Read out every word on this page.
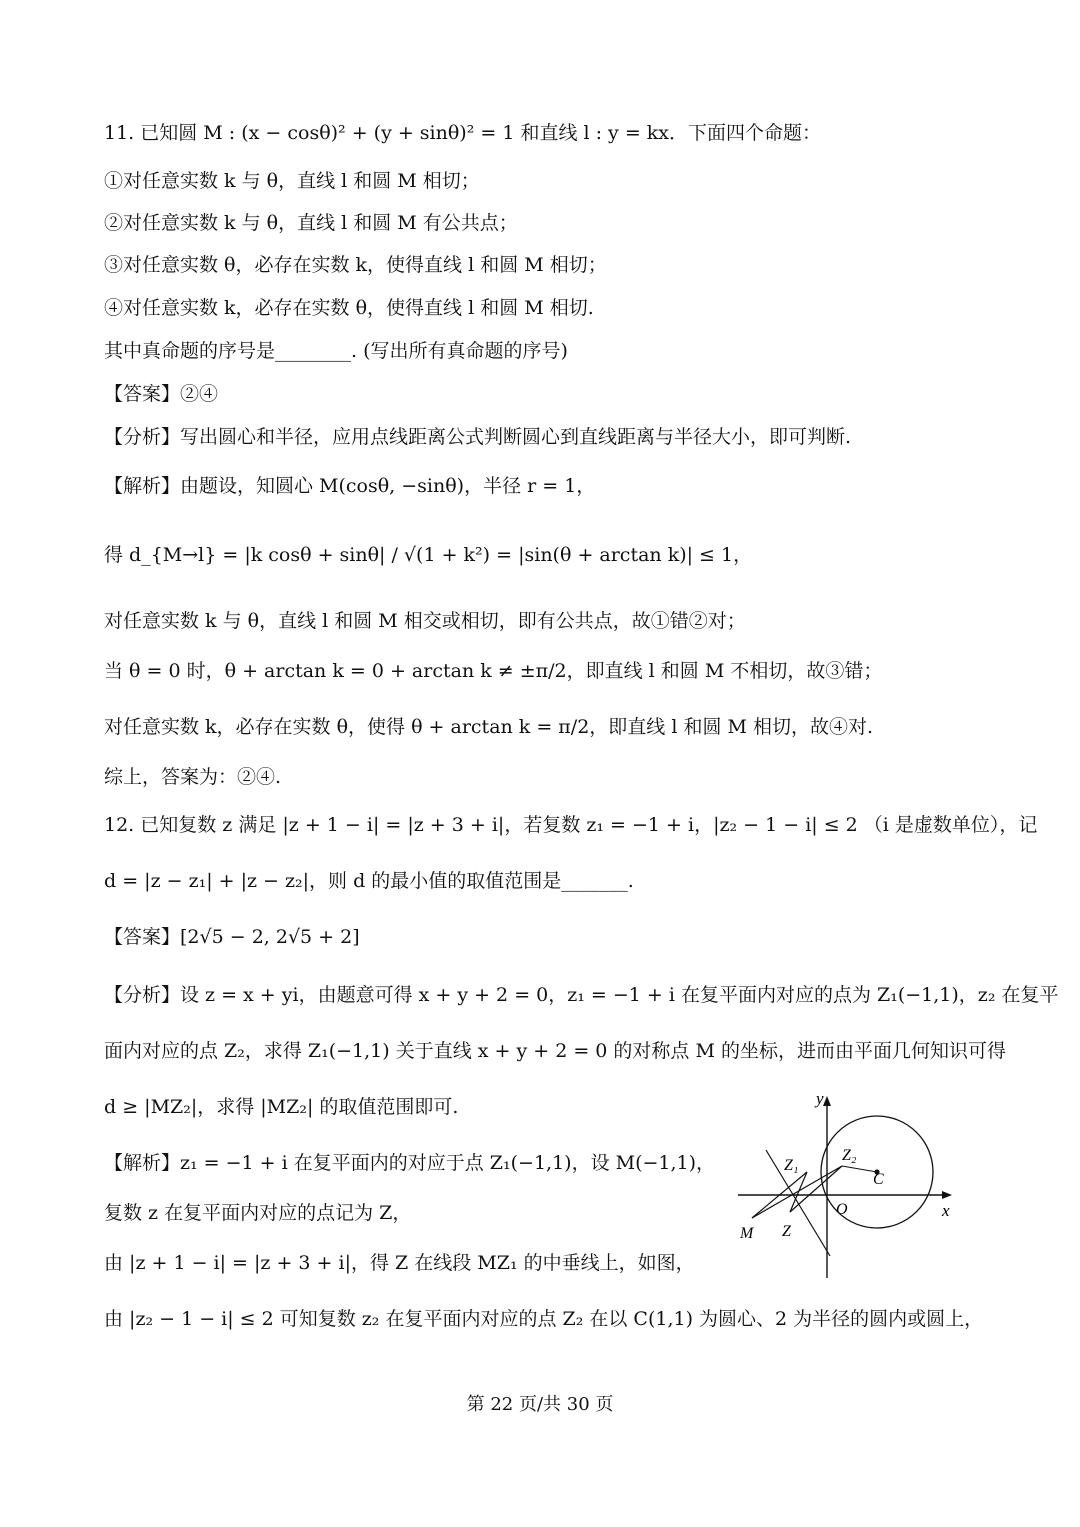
11. 已知圆 M : (x − cosθ)² + (y + sinθ)² = 1 和直线 l : y = kx．下面四个命题：
①对任意实数 k 与 θ，直线 l 和圆 M 相切；
②对任意实数 k 与 θ，直线 l 和圆 M 有公共点；
③对任意实数 θ，必存在实数 k，使得直线 l 和圆 M 相切；
④对任意实数 k，必存在实数 θ，使得直线 l 和圆 M 相切.
其中真命题的序号是________. (写出所有真命题的序号)
【答案】②④
【分析】写出圆心和半径，应用点线距离公式判断圆心到直线距离与半径大小，即可判断.
【解析】由题设，知圆心 M(cosθ, −sinθ)，半径 r = 1，
得 d_{M→l} = |k cosθ + sinθ| / √(1 + k²) = |sin(θ + arctan k)| ≤ 1，
对任意实数 k 与 θ，直线 l 和圆 M 相交或相切，即有公共点，故①错②对；
当 θ = 0 时，θ + arctan k = 0 + arctan k ≠ ±π/2，即直线 l 和圆 M 不相切，故③错；
对任意实数 k，必存在实数 θ，使得 θ + arctan k = π/2，即直线 l 和圆 M 相切，故④对.
综上，答案为：②④.
12. 已知复数 z 满足 |z + 1 − i| = |z + 3 + i|，若复数 z₁ = −1 + i，|z₂ − 1 − i| ≤ 2 （i 是虚数单位），记
d = |z − z₁| + |z − z₂|，则 d 的最小值的取值范围是_______.
【答案】[2√5 − 2, 2√5 + 2]
【分析】设 z = x + yi，由题意可得 x + y + 2 = 0，z₁ = −1 + i 在复平面内对应的点为 Z₁(−1,1)，z₂ 在复平
面内对应的点 Z₂，求得 Z₁(−1,1) 关于直线 x + y + 2 = 0 的对称点 M 的坐标，进而由平面几何知识可得
d ≥ |MZ₂|，求得 |MZ₂| 的取值范围即可.
【解析】z₁ = −1 + i 在复平面内的对应于点 Z₁(−1,1)，设 M(−1,1)，
复数 z 在复平面内对应的点记为 Z，
由 |z + 1 − i| = |z + 3 + i|，得 Z 在线段 MZ₁ 的中垂线上，如图，
由 |z₂ − 1 − i| ≤ 2 可知复数 z₂ 在复平面内对应的点 Z₂ 在以 C(1,1) 为圆心、2 为半径的圆内或圆上，
y
x
Z₁
Z₂
C
O
M Z
第 22 页/共 30 页
